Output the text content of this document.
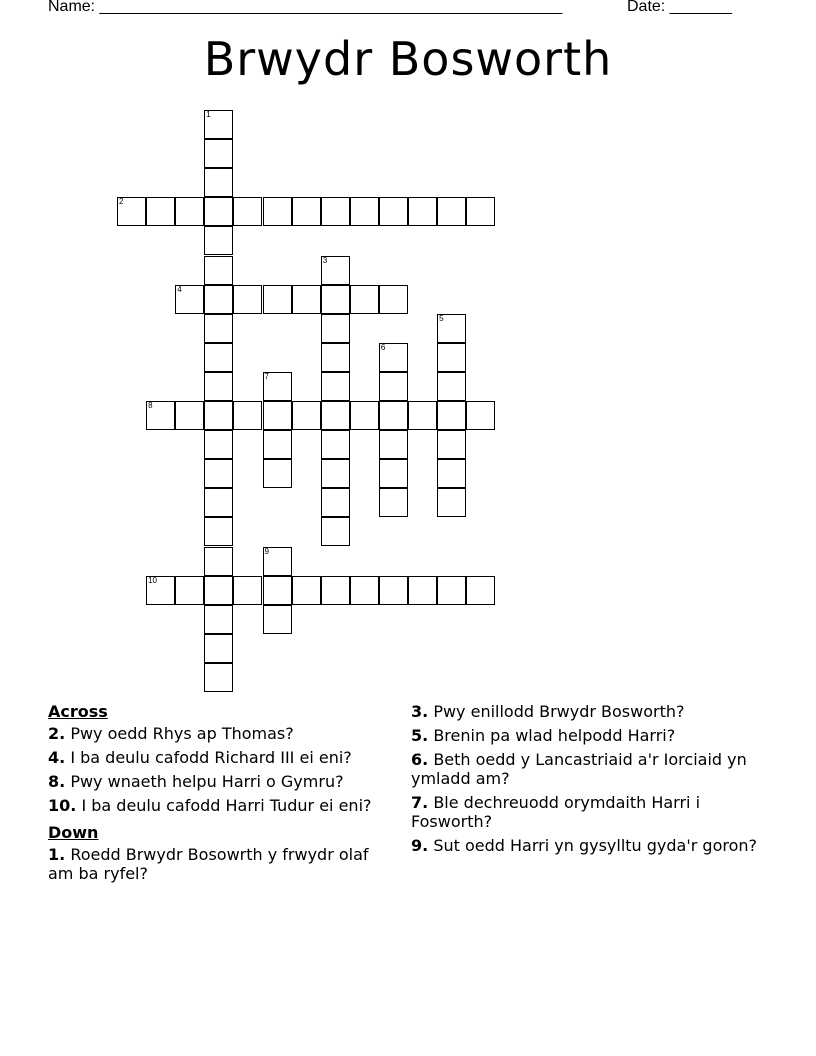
Name: ____________________________________________________	Date: _______
Brwydr Bosworth
1
2
3
4
5
6
7
8
9
10
Across
2. Pwy oedd Rhys ap Thomas?
4. I ba deulu cafodd Richard III ei eni?
8. Pwy wnaeth helpu Harri o Gymru?
10. I ba deulu cafodd Harri Tudur ei eni?
Down
1. Roedd Brwydr Bosowrth y frwydr olaf am ba ryfel?
3. Pwy enillodd Brwydr Bosworth?
5. Brenin pa wlad helpodd Harri?
6. Beth oedd y Lancastriaid a'r Iorciaid yn ymladd am?
7. Ble dechreuodd orymdaith Harri i Fosworth?
9. Sut oedd Harri yn gysylltu gyda'r goron?
